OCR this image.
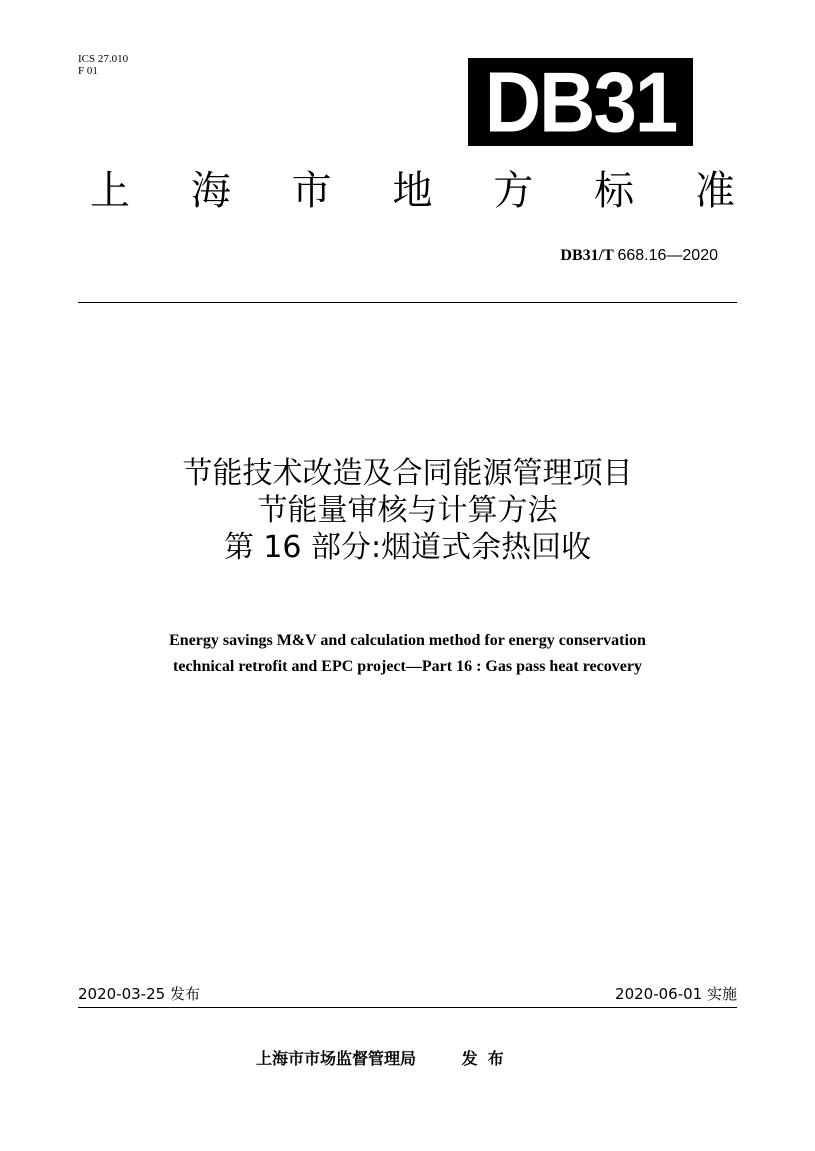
ICS 27.010
F 01	DB31
上 海 市 地 方 标 准
DB31/T 668.16—2020
节能技术改造及合同能源管理项目
节能量审核与计算方法
第 16 部分:烟道式余热回收
Energy savings M&V and calculation method for energy conservation
technical retrofit and EPC project—Part 16 : Gas pass heat recovery
2020-03-25 发布	2020-06-01 实施
上海市市场监督管理局	发布
